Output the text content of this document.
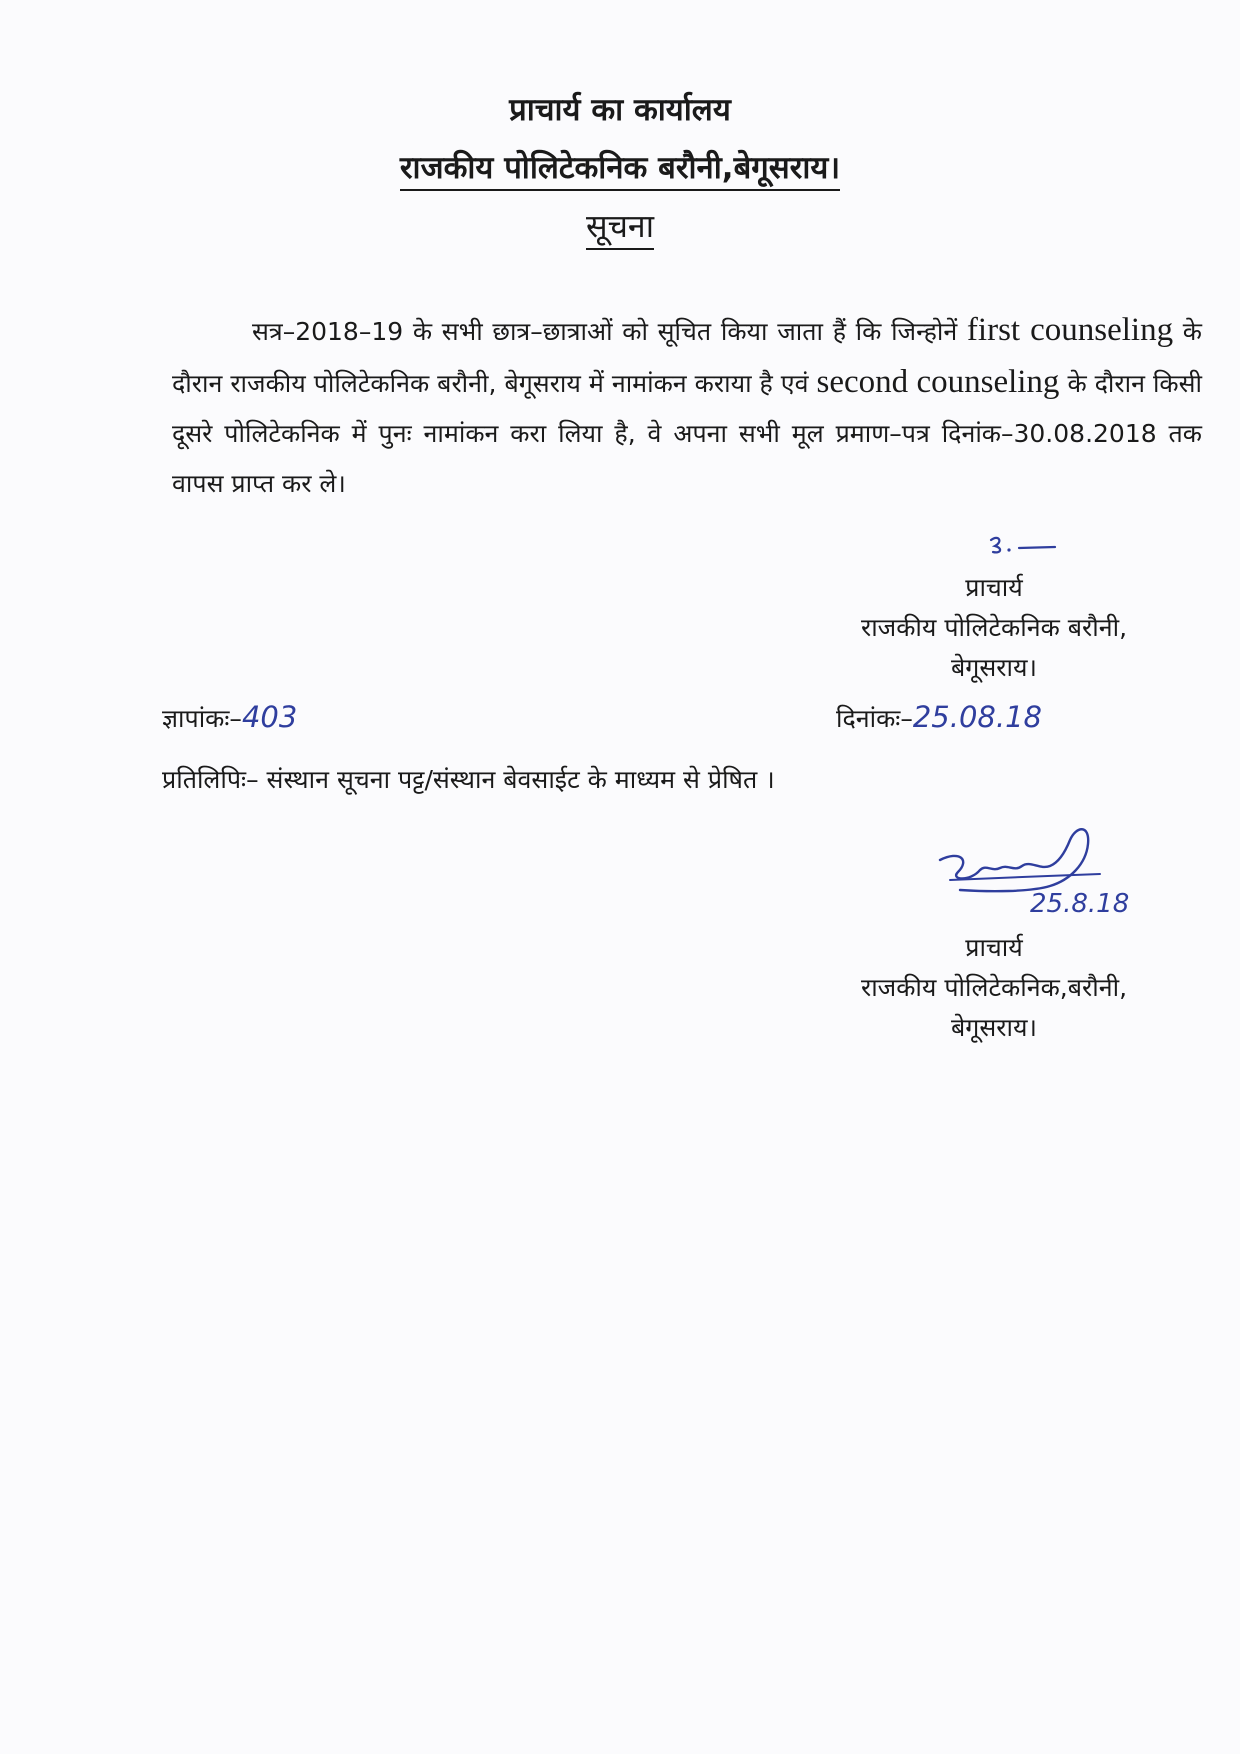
प्राचार्य का कार्यालय
राजकीय पोलिटेकनिक बरौनी,बेगूसराय।
सूचना
सत्र–2018–19 के सभी छात्र–छात्राओं को सूचित किया जाता हैं कि जिन्होनें first counseling के दौरान राजकीय पोलिटेकनिक बरौनी, बेगूसराय में नामांकन कराया है एवं second counseling के दौरान किसी दूसरे पोलिटेकनिक में पुनः नामांकन करा लिया है, वे अपना सभी मूल प्रमाण–पत्र दिनांक–30.08.2018 तक वापस प्राप्त कर ले।
प्राचार्य
राजकीय पोलिटेकनिक बरौनी,
बेगूसराय।
ज्ञापांकः–403	दिनांकः–25.08.18
प्रतिलिपिः– संस्थान सूचना पट्ट/संस्थान बेवसाईट के माध्यम से प्रेषित ।
25.8.18
प्राचार्य
राजकीय पोलिटेकनिक,बरौनी,
बेगूसराय।
